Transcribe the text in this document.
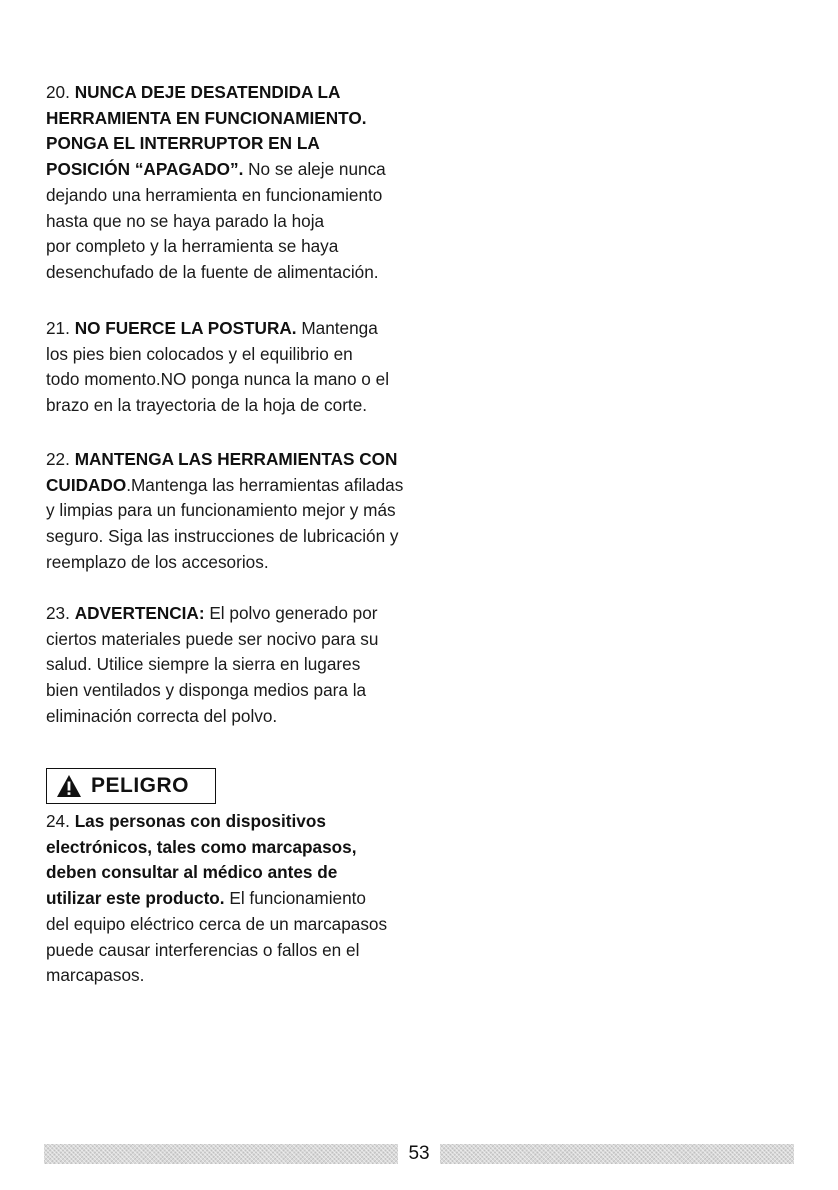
20. NUNCA DEJE DESATENDIDA LA
HERRAMIENTA EN FUNCIONAMIENTO.
PONGA EL INTERRUPTOR EN LA
POSICIÓN “APAGADO”. No se aleje nunca
dejando una herramienta en funcionamiento
hasta que no se haya parado la hoja
por completo y la herramienta se haya
desenchufado de la fuente de alimentación.

21. NO FUERCE LA POSTURA. Mantenga
los pies bien colocados y el equilibrio en
todo momento.NO ponga nunca la mano o el
brazo en la trayectoria de la hoja de corte.

22. MANTENGA LAS HERRAMIENTAS CON
CUIDADO.Mantenga las herramientas afiladas
y limpias para un funcionamiento mejor y más
seguro. Siga las instrucciones de lubricación y
reemplazo de los accesorios.

23. ADVERTENCIA: El polvo generado por
ciertos materiales puede ser nocivo para su
salud. Utilice siempre la sierra en lugares
bien ventilados y disponga medios para la
eliminación correcta del polvo.

24. Las personas con dispositivos
electrónicos, tales como marcapasos,
deben consultar al médico antes de
utilizar este producto. El funcionamiento
del equipo eléctrico cerca de un marcapasos
puede causar interferencias o fallos en el
marcapasos.

PELIGRO
53
